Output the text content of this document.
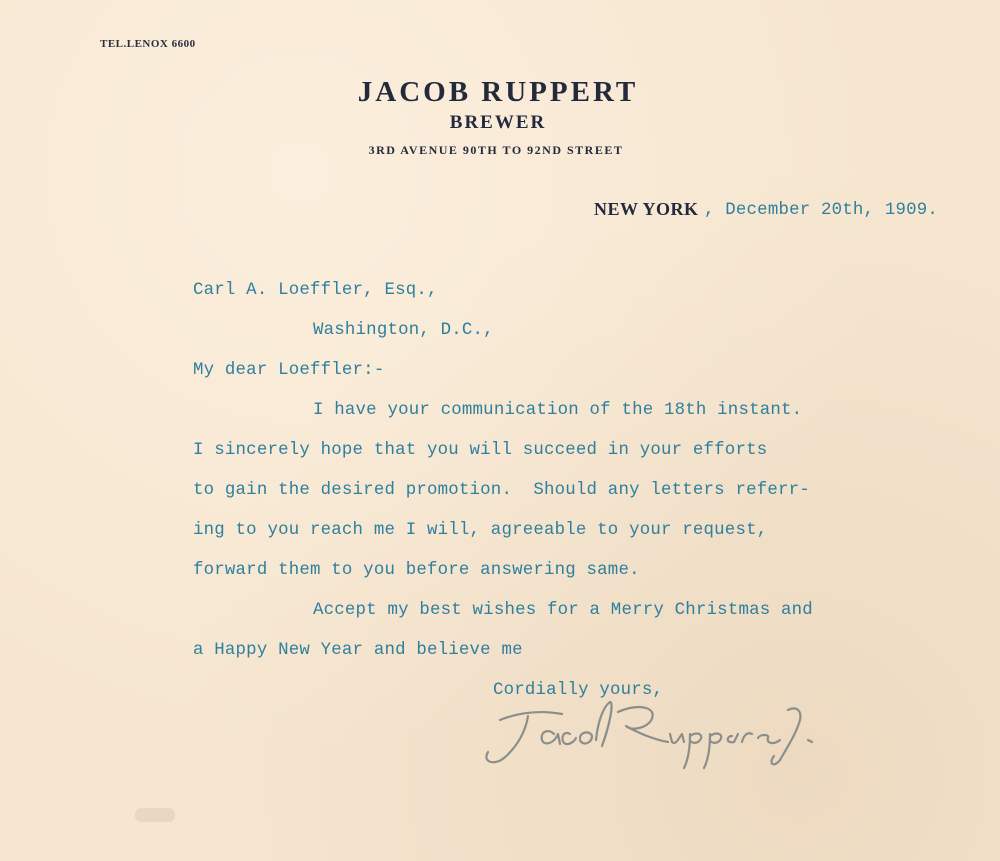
TEL.LENOX 6600
JACOB RUPPERT
BREWER
3RD AVENUE 90TH TO 92ND STREET
NEW YORK , December 20th, 1909.
Carl A. Loeffler, Esq.,
Washington, D.C.,
My dear Loeffler:-
I have your communication of the 18th instant.
I sincerely hope that you will succeed in your efforts
to gain the desired promotion.  Should any letters referr-
ing to you reach me I will, agreeable to your request,
forward them to you before answering same.
Accept my best wishes for a Merry Christmas and
a Happy New Year and believe me
Cordially yours,
